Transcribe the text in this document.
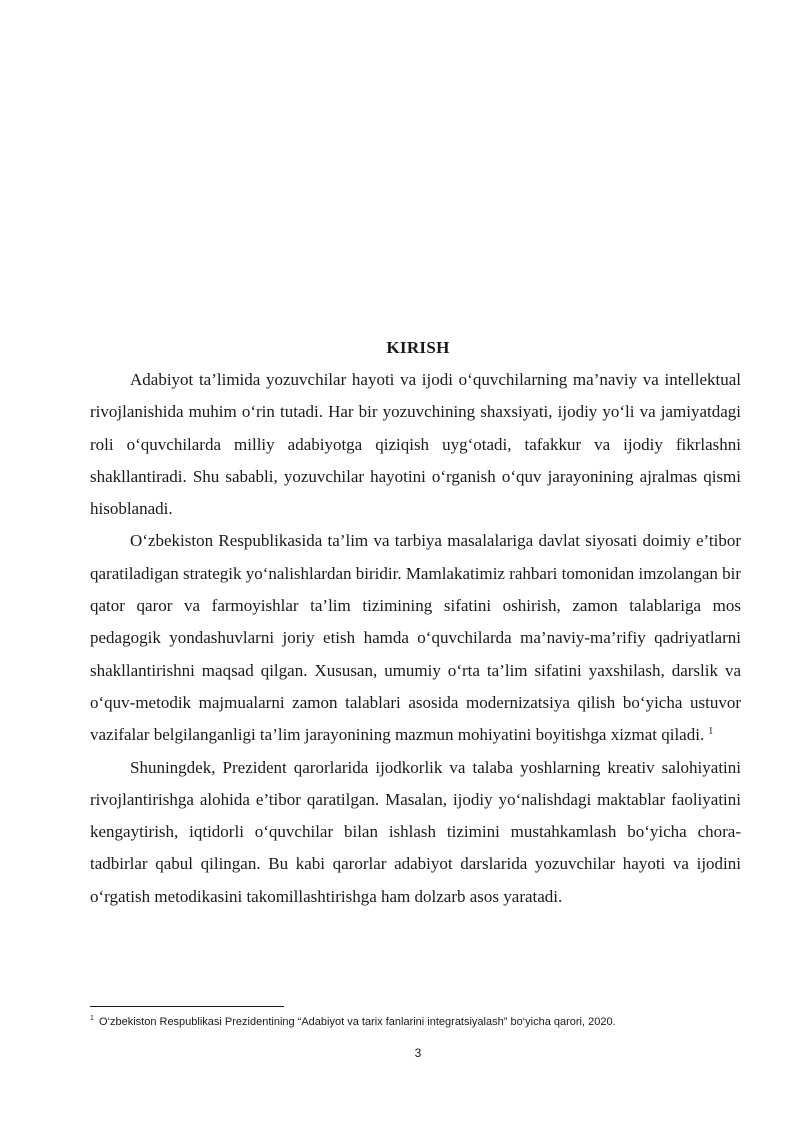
KIRISH

Adabiyot ta’limida yozuvchilar hayoti va ijodi o‘quvchilarning ma’naviy va intellektual rivojlanishida muhim o‘rin tutadi. Har bir yozuvchining shaxsiyati, ijodiy yo‘li va jamiyatdagi roli o‘quvchilarda milliy adabiyotga qiziqish uyg‘otadi, tafakkur va ijodiy fikrlashni shakllantiradi. Shu sababli, yozuvchilar hayotini o‘rganish o‘quv jarayonining ajralmas qismi hisoblanadi.

O‘zbekiston Respublikasida ta’lim va tarbiya masalalariga davlat siyosati doimiy e’tibor qaratiladigan strategik yo‘nalishlardan biridir. Mamlakatimiz rahbari tomonidan imzolangan bir qator qaror va farmoyishlar ta’lim tizimining sifatini oshirish, zamon talablariga mos pedagogik yondashuvlarni joriy etish hamda o‘quvchilarda ma’naviy-ma’rifiy qadriyatlarni shakllantirishni maqsad qilgan. Xususan, umumiy o‘rta ta’lim sifatini yaxshilash, darslik va o‘quv-metodik majmualarni zamon talablari asosida modernizatsiya qilish bo‘yicha ustuvor vazifalar belgilanganligi ta’lim jarayonining mazmun mohiyatini boyitishga xizmat qiladi. $^1$

Shuningdek, Prezident qarorlarida ijodkorlik va talaba yoshlarning kreativ salohiyatini rivojlantirishga alohida e’tibor qaratilgan. Masalan, ijodiy yo‘nalishdagi maktablar faoliyatini kengaytirish, iqtidorli o‘quvchilar bilan ishlash tizimini mustahkamlash bo‘yicha chora-tadbirlar qabul qilingan. Bu kabi qarorlar adabiyot darslarida yozuvchilar hayoti va ijodini o‘rgatish metodikasini takomillashtirishga ham dolzarb asos yaratadi.

$^1$ O‘zbekiston Respublikasi Prezidentining “Adabiyot va tarix fanlarini integratsiyalash” bo‘yicha qarori, 2020.
3
